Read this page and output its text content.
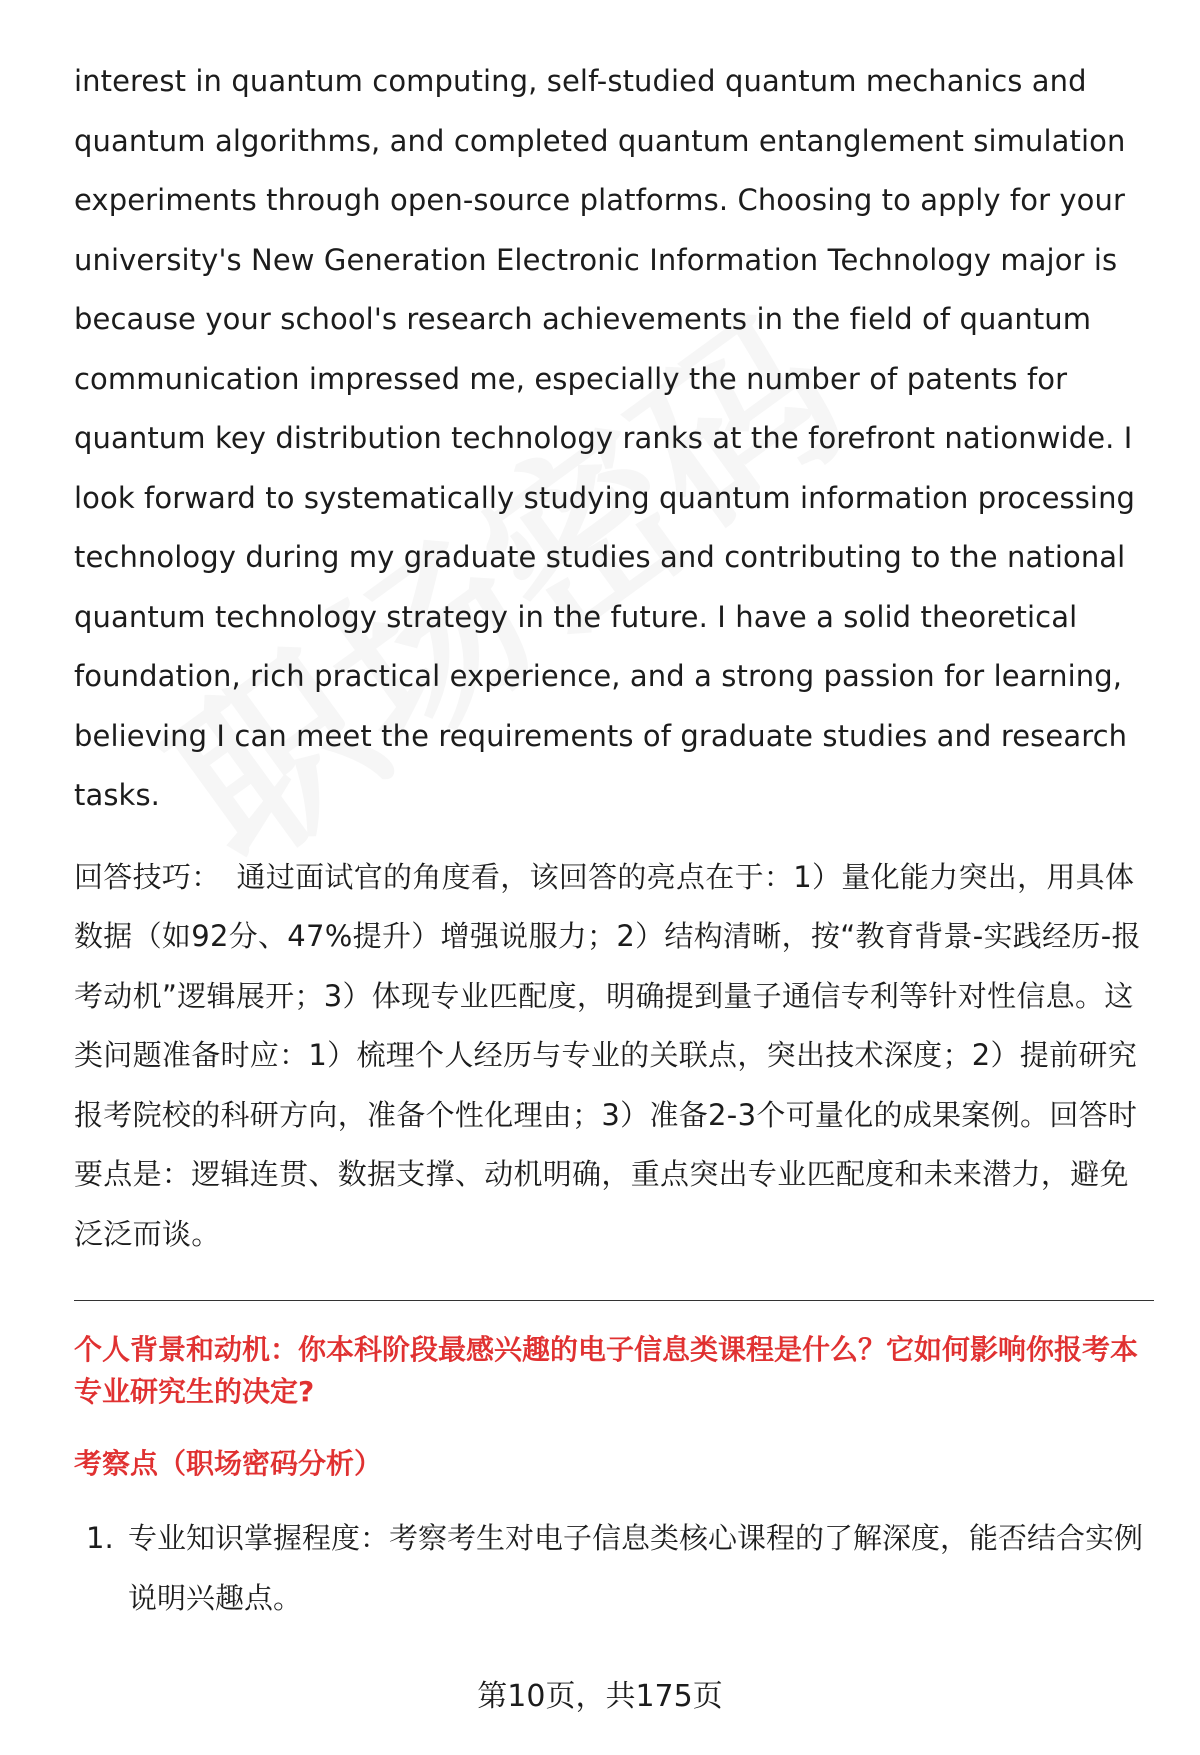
interest in quantum computing, self-studied quantum mechanics and quantum algorithms, and completed quantum entanglement simulation experiments through open-source platforms. Choosing to apply for your university's New Generation Electronic Information Technology major is because your school's research achievements in the field of quantum communication impressed me, especially the number of patents for quantum key distribution technology ranks at the forefront nationwide. I look forward to systematically studying quantum information processing technology during my graduate studies and contributing to the national quantum technology strategy in the future. I have a solid theoretical foundation, rich practical experience, and a strong passion for learning, believing I can meet the requirements of graduate studies and research tasks.

回答技巧： 通过面试官的角度看，该回答的亮点在于：1）量化能力突出，用具体数据（如92分、47%提升）增强说服力；2）结构清晰，按“教育背景-实践经历-报考动机”逻辑展开；3）体现专业匹配度，明确提到量子通信专利等针对性信息。这类问题准备时应：1）梳理个人经历与专业的关联点，突出技术深度；2）提前研究报考院校的科研方向，准备个性化理由；3）准备2-3个可量化的成果案例。回答时要点是：逻辑连贯、数据支撑、动机明确，重点突出专业匹配度和未来潜力，避免泛泛而谈。

个人背景和动机：你本科阶段最感兴趣的电子信息类课程是什么？它如何影响你报考本专业研究生的决定?

考察点（职场密码分析）

1. 专业知识掌握程度：考察考生对电子信息类核心课程的了解深度，能否结合实例说明兴趣点。
第10页，共175页
